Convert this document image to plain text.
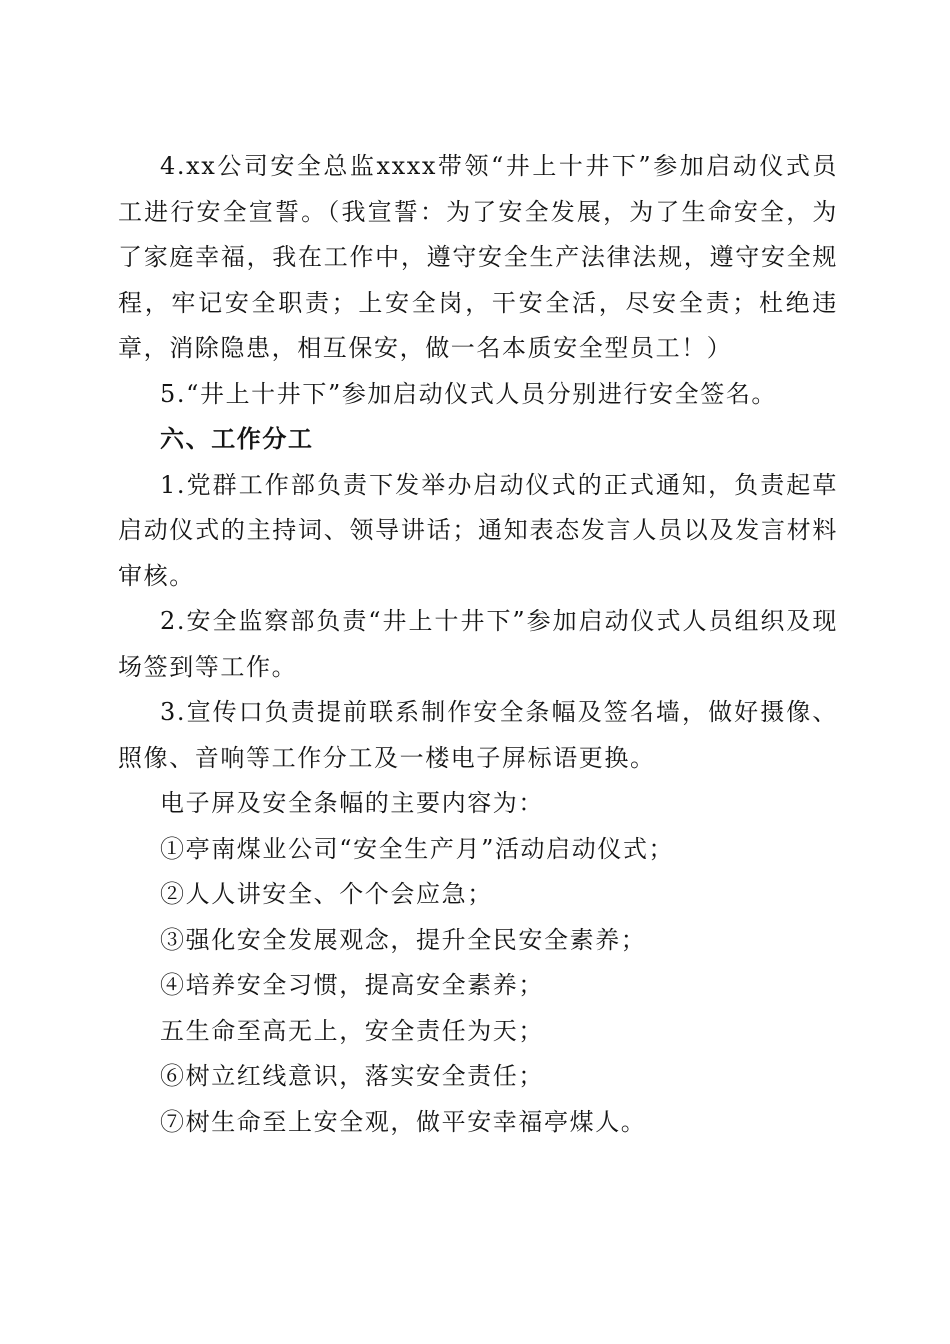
4.xx公司安全总监xxxx带领“井上十井下”参加启动仪式员工进行安全宣誓。（我宣誓：为了安全发展，为了生命安全，为了家庭幸福，我在工作中，遵守安全生产法律法规，遵守安全规程，牢记安全职责；上安全岗，干安全活，尽安全责；杜绝违章，消除隐患，相互保安，做一名本质安全型员工！）

5.“井上十井下”参加启动仪式人员分别进行安全签名。

六、工作分工

1.党群工作部负责下发举办启动仪式的正式通知，负责起草启动仪式的主持词、领导讲话；通知表态发言人员以及发言材料审核。

2.安全监察部负责“井上十井下”参加启动仪式人员组织及现场签到等工作。

3.宣传口负责提前联系制作安全条幅及签名墙，做好摄像、照像、音响等工作分工及一楼电子屏标语更换。

电子屏及安全条幅的主要内容为：

①亭南煤业公司“安全生产月”活动启动仪式；

②人人讲安全、个个会应急；

③强化安全发展观念，提升全民安全素养；

④培养安全习惯，提高安全素养；

五生命至高无上，安全责任为天；

⑥树立红线意识，落实安全责任；

⑦树生命至上安全观，做平安幸福亭煤人。
